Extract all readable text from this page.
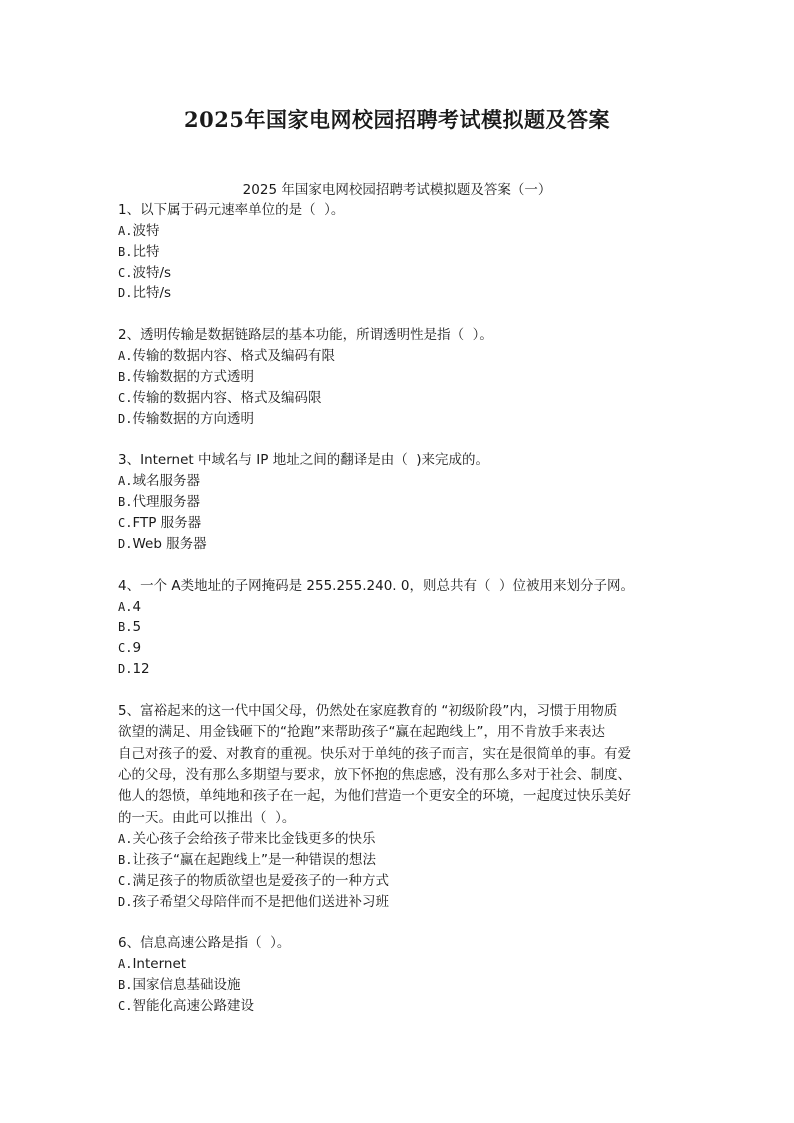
2025年国家电网校园招聘考试模拟题及答案
2025 年国家电网校园招聘考试模拟题及答案（一）
1、以下属于码元速率单位的是（  ）。
A.波特
B.比特
C.波特/s
D.比特/s
2、透明传输是数据链路层的基本功能，所谓透明性是指（  ）。
A.传输的数据内容、格式及编码有限
B.传输数据的方式透明
C.传输的数据内容、格式及编码限
D.传输数据的方向透明
3、Internet 中域名与 IP 地址之间的翻译是由（  )来完成的。
A.域名服务器
B.代理服务器
C.FTP 服务器
D.Web 服务器
4、一个 A类地址的子网掩码是 255.255.240. 0，则总共有（  ）位被用来划分子网。
A.4
B.5
C.9
D.12
5、富裕起来的这一代中国父母，仍然处在家庭教育的 “初级阶段”内，习惯于用物质
欲望的满足、用金钱砸下的“抢跑”来帮助孩子“赢在起跑线上”，用不肯放手来表达
自己对孩子的爱、对教育的重视。快乐对于单纯的孩子而言，实在是很简单的事。有爱
心的父母，没有那么多期望与要求，放下怀抱的焦虑感，没有那么多对于社会、制度、
他人的怨愤，单纯地和孩子在一起，为他们营造一个更安全的环境，一起度过快乐美好
的一天。由此可以推出（  ）。
A.关心孩子会给孩子带来比金钱更多的快乐
B.让孩子“赢在起跑线上”是一种错误的想法
C.满足孩子的物质欲望也是爱孩子的一种方式
D.孩子希望父母陪伴而不是把他们送进补习班
6、信息高速公路是指（  ）。
A.Internet
B.国家信息基础设施
C.智能化高速公路建设
